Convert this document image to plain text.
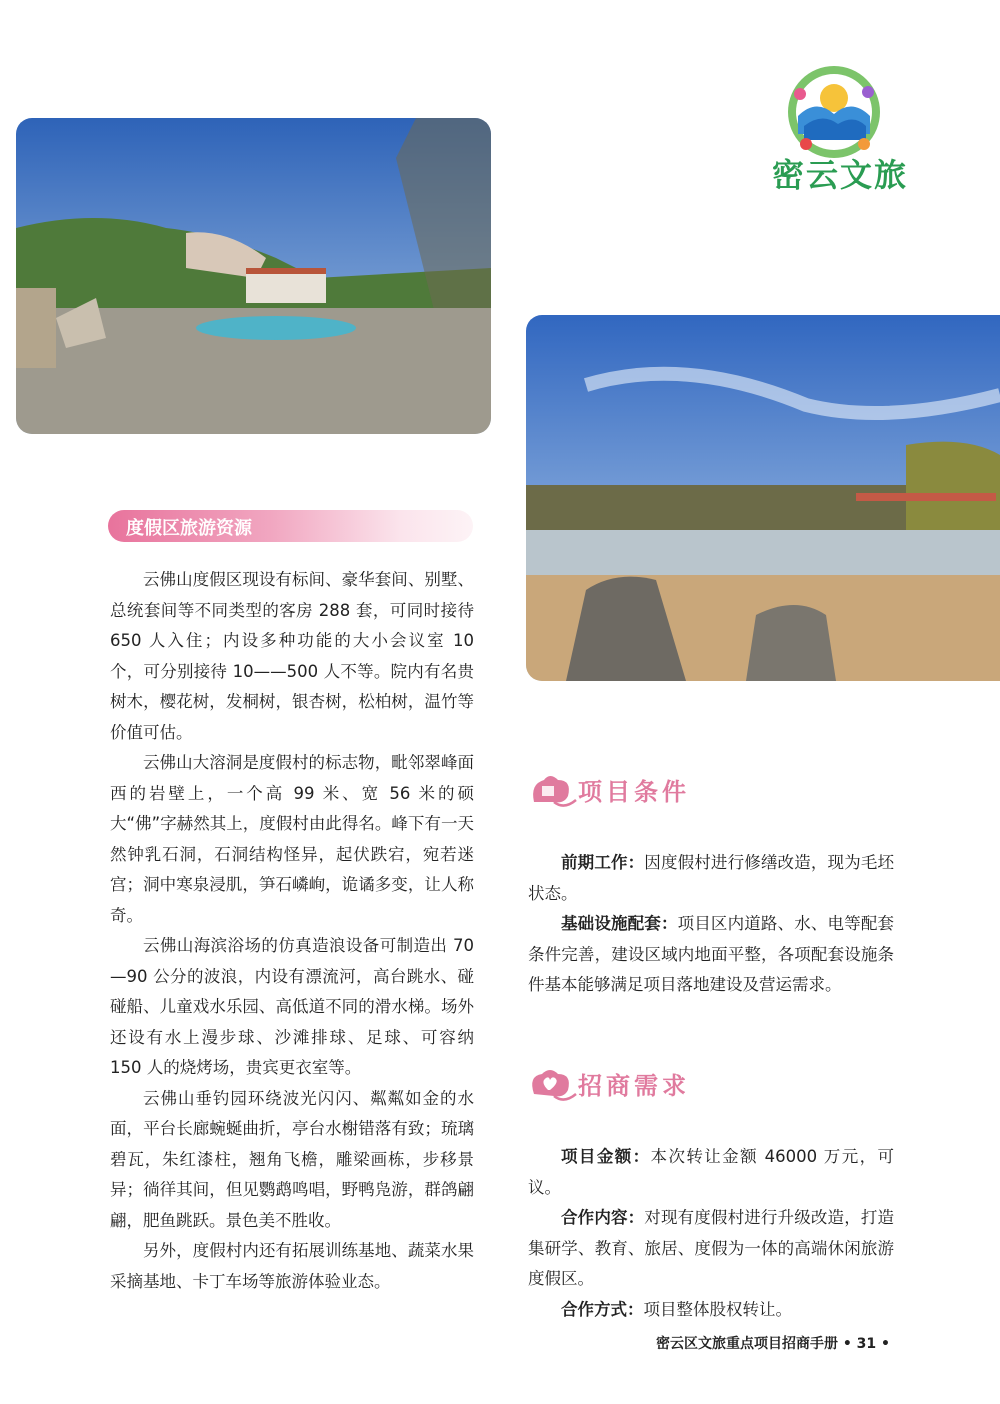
密云文旅
度假区旅游资源

云佛山度假区现设有标间、豪华套间、别墅、总统套间等不同类型的客房 288 套，可同时接待 650 人入住；内设多种功能的大小会议室 10 个，可分别接待 10——500 人不等。院内有名贵树木，樱花树，发桐树，银杏树，松柏树，温竹等价值可估。

云佛山大溶洞是度假村的标志物，毗邻翠峰面西的岩壁上，一个高 99 米、宽 56 米的硕大“佛”字赫然其上，度假村由此得名。峰下有一天然钟乳石洞，石洞结构怪异，起伏跌宕，宛若迷宫；洞中寒泉浸肌，笋石嶙峋，诡谲多变，让人称奇。

云佛山海滨浴场的仿真造浪设备可制造出 70—90 公分的波浪，内设有漂流河，高台跳水、碰碰船、儿童戏水乐园、高低道不同的滑水梯。场外还设有水上漫步球、沙滩排球、足球、可容纳 150 人的烧烤场，贵宾更衣室等。

云佛山垂钓园环绕波光闪闪、粼粼如金的水面，平台长廊蜿蜒曲折，亭台水榭错落有致；琉璃碧瓦，朱红漆柱，翘角飞檐，雕梁画栋，步移景异；徜徉其间，但见鹦鹉鸣唱，野鸭凫游，群鸽翩翩，肥鱼跳跃。景色美不胜收。

另外，度假村内还有拓展训练基地、蔬菜水果采摘基地、卡丁车场等旅游体验业态。

项目条件

前期工作：因度假村进行修缮改造，现为毛坯状态。

基础设施配套：项目区内道路、水、电等配套条件完善，建设区域内地面平整，各项配套设施条件基本能够满足项目落地建设及营运需求。

招商需求

项目金额：本次转让金额 46000 万元，可议。

合作内容：对现有度假村进行升级改造，打造集研学、教育、旅居、度假为一体的高端休闲旅游度假区。

合作方式：项目整体股权转让。

密云区文旅重点项目招商手册 • 31 •
